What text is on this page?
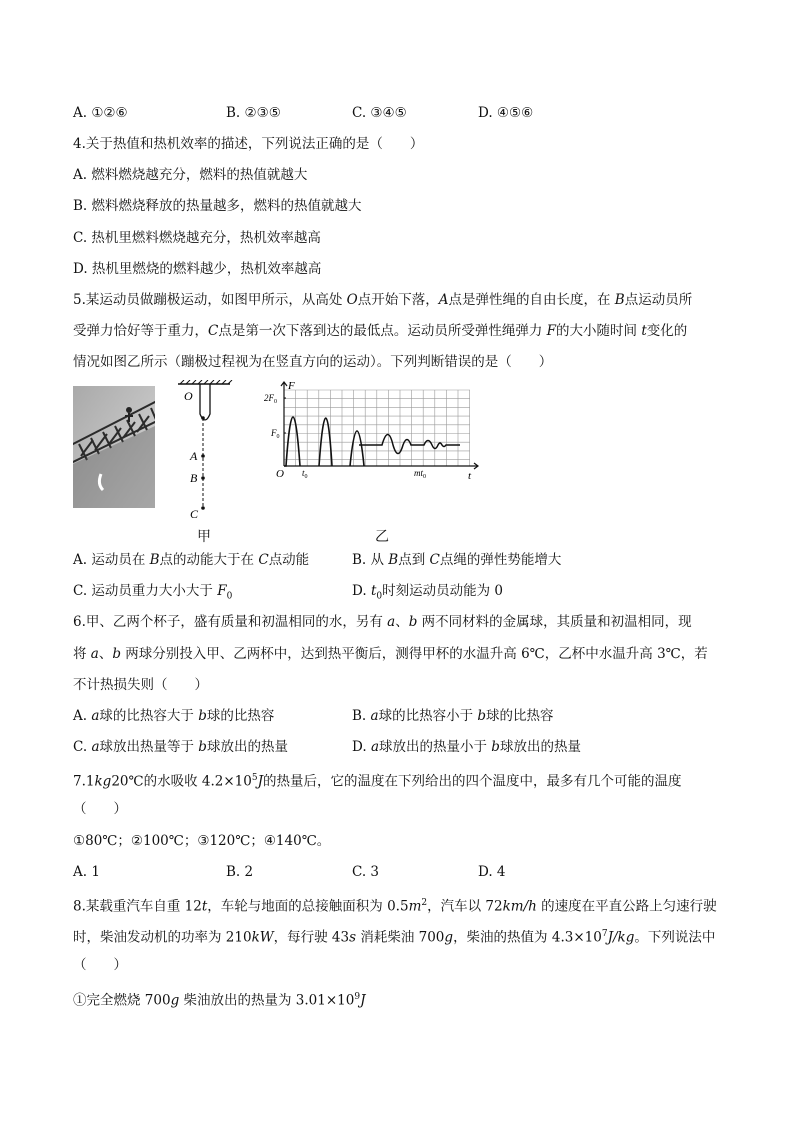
A. ①②⑥	B. ②③⑤	C. ③④⑤	D. ④⑤⑥
4.关于热值和热机效率的描述，下列说法正确的是（　　）
A. 燃料燃烧越充分，燃料的热值就越大
B. 燃料燃烧释放的热量越多，燃料的热值就越大
C. 热机里燃料燃烧越充分，热机效率越高
D. 热机里燃烧的燃料越少，热机效率越高
5.某运动员做蹦极运动，如图甲所示，从高处 O点开始下落，A点是弹性绳的自由长度，在 B点运动员所
受弹力恰好等于重力，C点是第一次下落到达的最低点。运动员所受弹性绳弹力 F的大小随时间 t变化的
情况如图乙所示（蹦极过程视为在竖直方向的运动）。下列判断错误的是（　　）
O
A
B
C
甲
$2F_0$
$F_0$
O $t_0$	$mt_0$	t
F
乙
A. 运动员在 B点的动能大于在 C点动能	B. 从 B点到 C点绳的弹性势能增大
C. 运动员重力大小大于 $F_0$	D. $t_0$时刻运动员动能为 0
6.甲、乙两个杯子，盛有质量和初温相同的水，另有 a、b 两不同材料的金属球，其质量和初温相同，现
将 a、b 两球分别投入甲、乙两杯中，达到热平衡后，测得甲杯的水温升高 6℃，乙杯中水温升高 3℃，若
不计热损失则（　　）
A. a球的比热容大于 b球的比热容	B. a球的比热容小于 b球的比热容
C. a球放出热量等于 b球放出的热量	D. a球放出的热量小于 b球放出的热量
7.1kg20℃的水吸收 $4.2\times 10^5J$的热量后，它的温度在下列给出的四个温度中，最多有几个可能的温度
（　　）
①80℃；②100℃；③120℃；④140℃。
A. 1	B. 2	C. 3	D. 4
8.某载重汽车自重 12t，车轮与地面的总接触面积为 $0.5m^2$，汽车以 72km/h 的速度在平直公路上匀速行驶
时，柴油发动机的功率为 210kW，每行驶 43s 消耗柴油 700g，柴油的热值为 $4.3\times 10^7J/kg$。下列说法中
（　　）
①完全燃烧 700g 柴油放出的热量为 $3.01\times 10^9J$
